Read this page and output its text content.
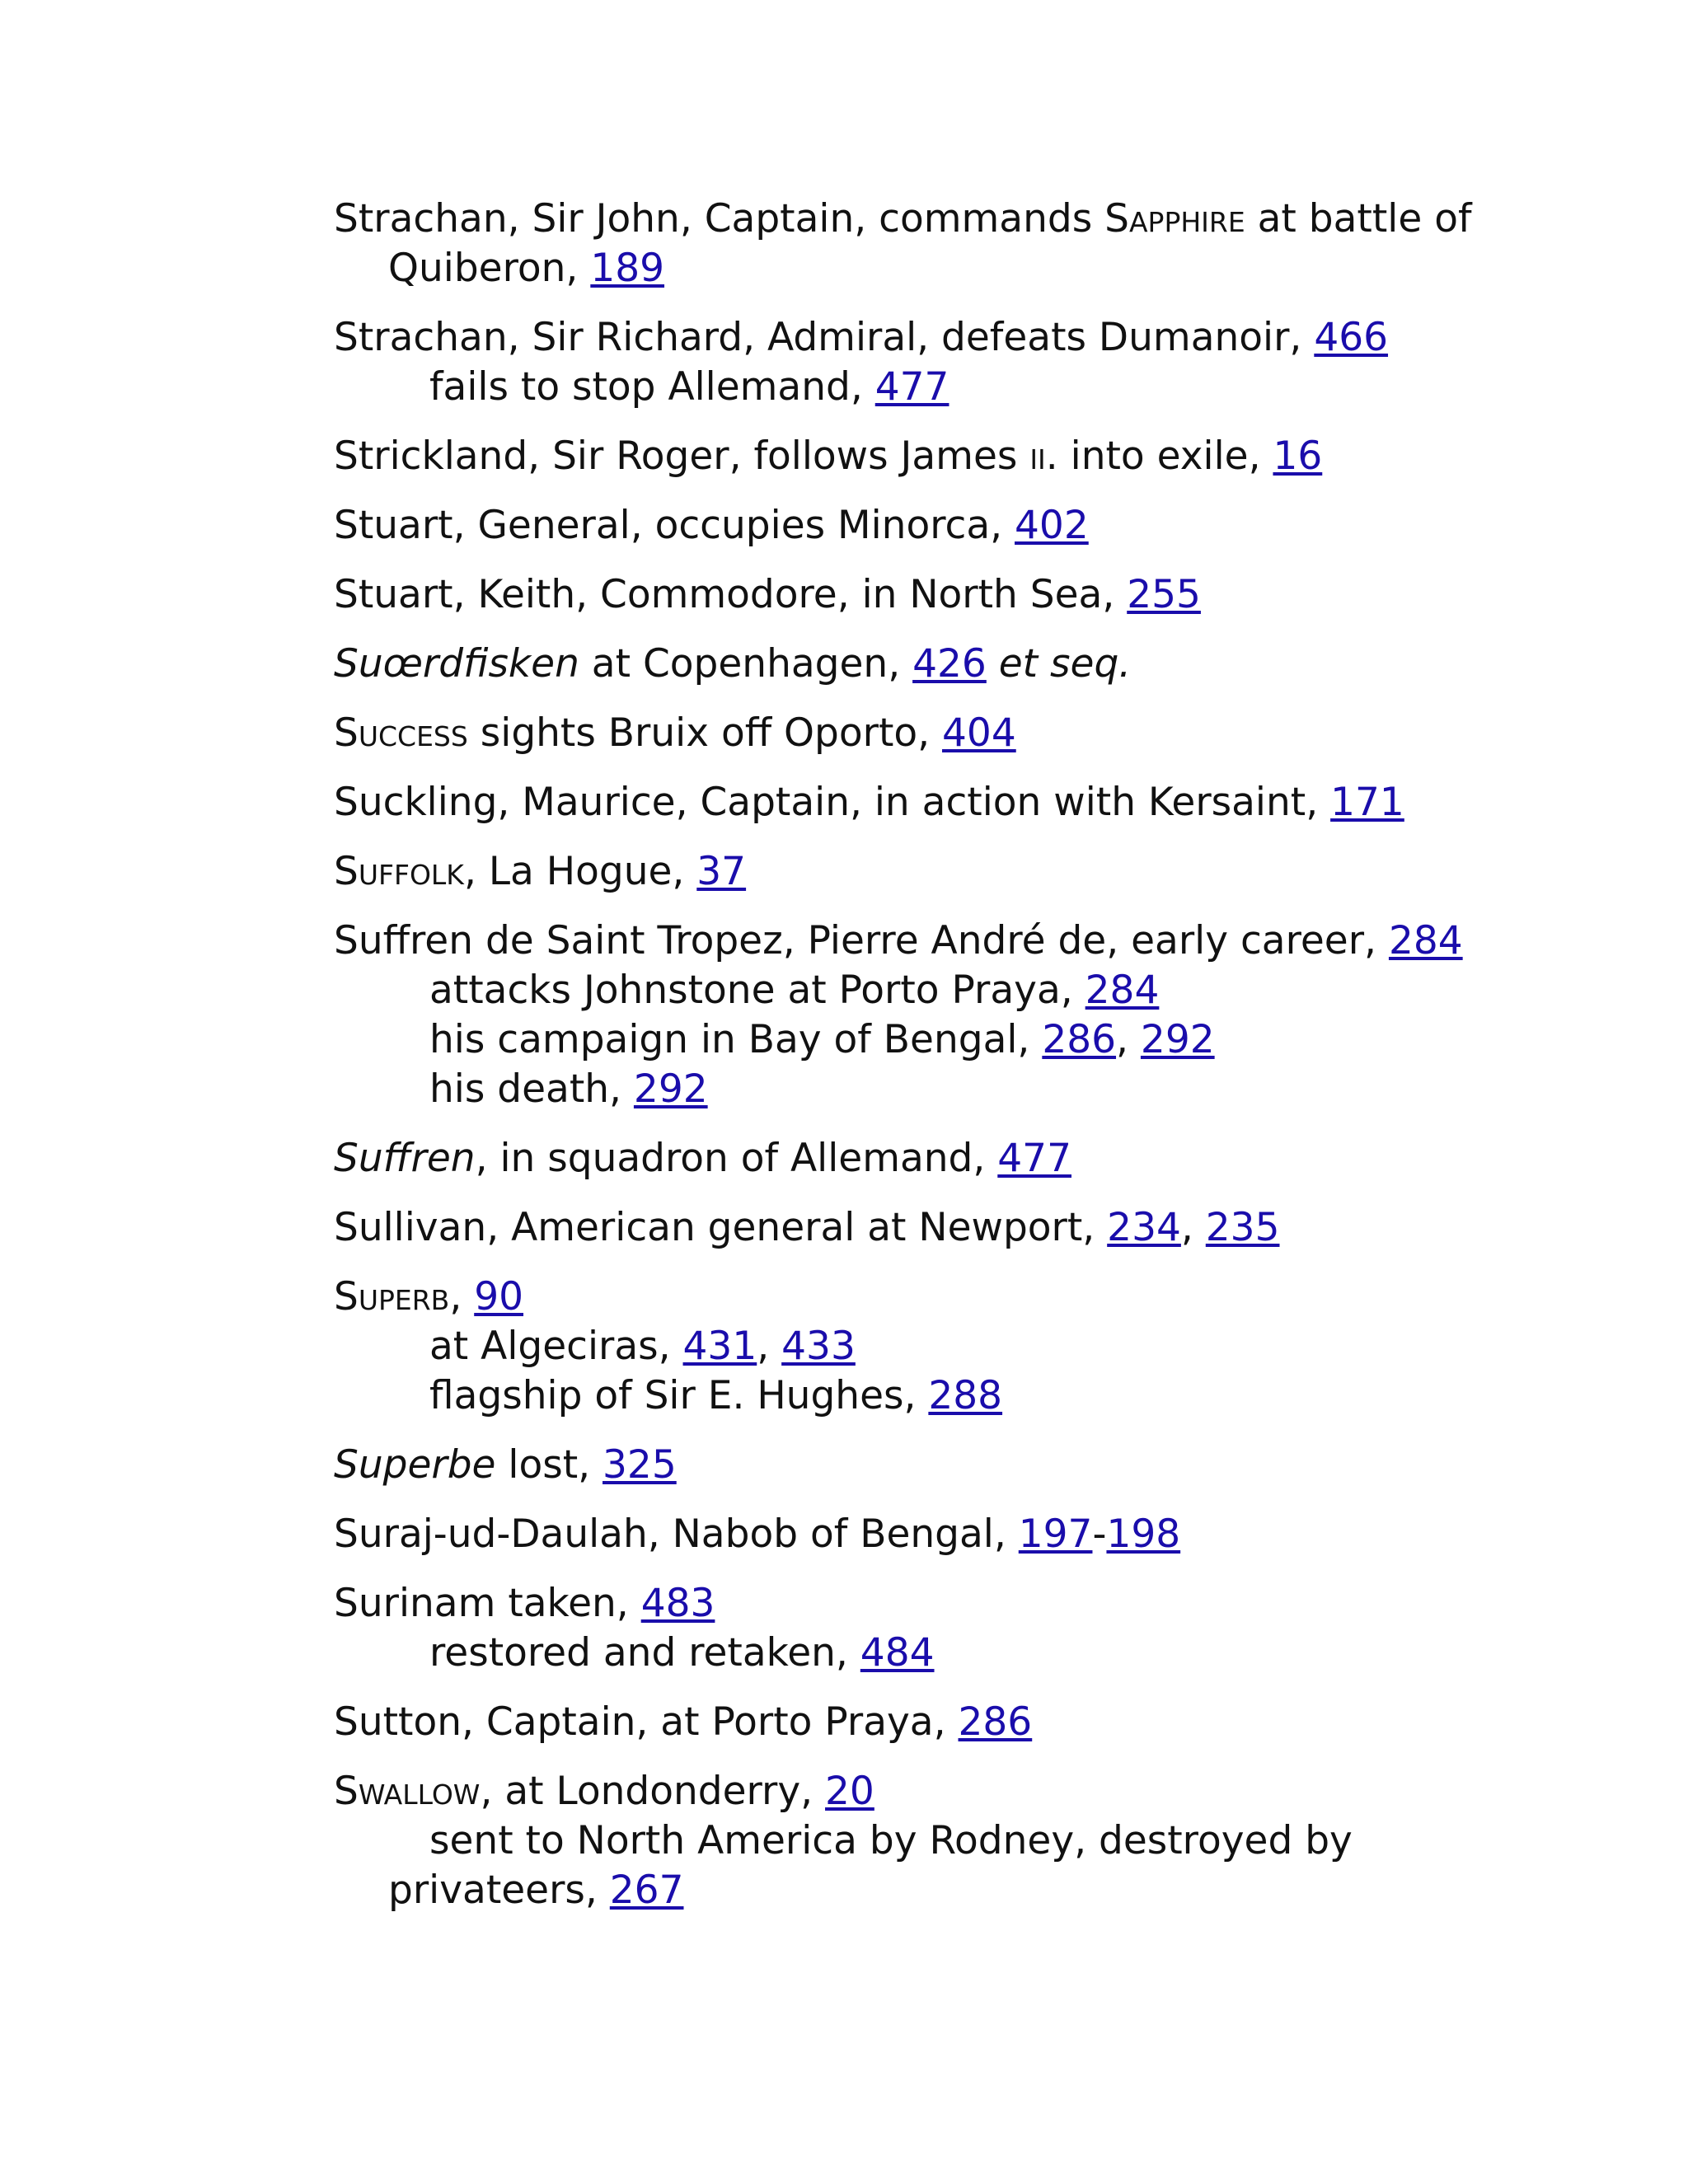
Strachan, Sir John, Captain, commands Sapphire at battle of
Quiberon, 189
Strachan, Sir Richard, Admiral, defeats Dumanoir, 466
fails to stop Allemand, 477
Strickland, Sir Roger, follows James ii. into exile, 16
Stuart, General, occupies Minorca, 402
Stuart, Keith, Commodore, in North Sea, 255
Suœrdfisken at Copenhagen, 426 et seq.
Success sights Bruix off Oporto, 404
Suckling, Maurice, Captain, in action with Kersaint, 171
Suffolk, La Hogue, 37
Suffren de Saint Tropez, Pierre André de, early career, 284
attacks Johnstone at Porto Praya, 284
his campaign in Bay of Bengal, 286, 292
his death, 292
Suffren, in squadron of Allemand, 477
Sullivan, American general at Newport, 234, 235
Superb, 90
at Algeciras, 431, 433
flagship of Sir E. Hughes, 288
Superbe lost, 325
Suraj-ud-Daulah, Nabob of Bengal, 197-198
Surinam taken, 483
restored and retaken, 484
Sutton, Captain, at Porto Praya, 286
Swallow, at Londonderry, 20
sent to North America by Rodney, destroyed by
privateers, 267
